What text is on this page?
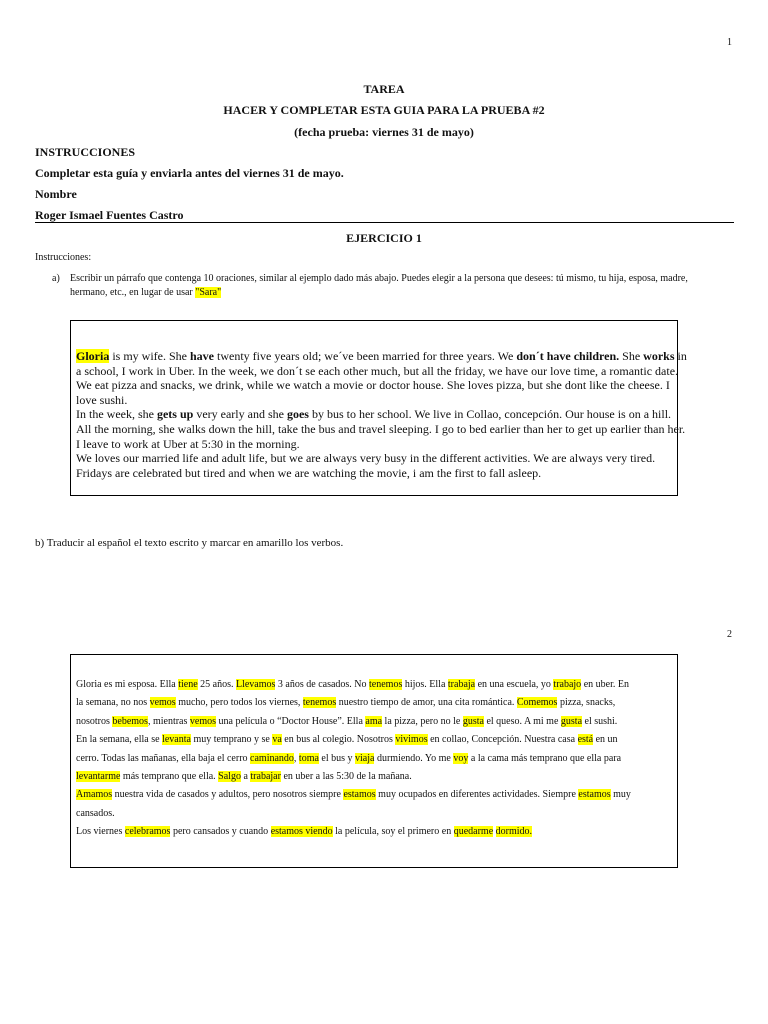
1
TAREA
HACER Y COMPLETAR ESTA GUIA PARA LA PRUEBA #2
(fecha prueba: viernes 31 de mayo)
INSTRUCCIONES
Completar esta guía y enviarla antes del viernes 31 de mayo.
Nombre
Roger Ismael Fuentes Castro
EJERCICIO 1
Instrucciones:
a) Escribir un párrafo que contenga 10 oraciones, similar al ejemplo dado más abajo. Puedes elegir a la persona que desees: tú mismo, tu hija, esposa, madre,
hermano, etc., en lugar de usar "Sara"

Gloria is my wife. She have twenty five years old; we´ve been married for three years. We don´t have children. She works in

a school, I work in Uber. In the week, we don´t se each other much, but all the friday, we have our love time, a romantic date.

We eat pizza and snacks, we drink, while we watch a movie or doctor house. She loves pizza, but she dont like the cheese. I

love sushi.

In the week, she gets up very early and she goes by bus to her school. We live in Collao, concepción. Our house is on a hill.

All the morning, she walks down the hill, take the bus and travel sleeping. I go to bed earlier than her to get up earlier than her.

I leave to work at Uber at 5:30 in the morning.

We loves our married life and adult life, but we are always very busy in the different activities. We are always very tired.

Fridays are celebrated but tired and when we are watching the movie, i am the first to fall asleep.

b) Traducir al español el texto escrito y marcar en amarillo los verbos.
2

Gloria es mi esposa. Ella tiene 25 años. Llevamos 3 años de casados. No tenemos hijos. Ella trabaja en una escuela, yo trabajo en uber. En

la semana, no nos vemos mucho, pero todos los viernes, tenemos nuestro tiempo de amor, una cita romántica. Comemos pizza, snacks,

nosotros bebemos, mientras vemos una película o “Doctor House”. Ella ama la pizza, pero no le gusta el queso. A mi me gusta el sushi.

En la semana, ella se levanta muy temprano y se va en bus al colegio. Nosotros vivimos en collao, Concepción. Nuestra casa está en un

cerro. Todas las mañanas, ella baja el cerro caminando, toma el bus y viaja durmiendo. Yo me voy a la cama más temprano que ella para

levantarme más temprano que ella. Salgo a trabajar en uber a las 5:30 de la mañana.

Amamos nuestra vida de casados y adultos, pero nosotros siempre estamos muy ocupados en diferentes actividades. Siempre estamos muy

cansados.

Los viernes celebramos pero cansados y cuando estamos viendo la película, soy el primero en quedarme dormido.
